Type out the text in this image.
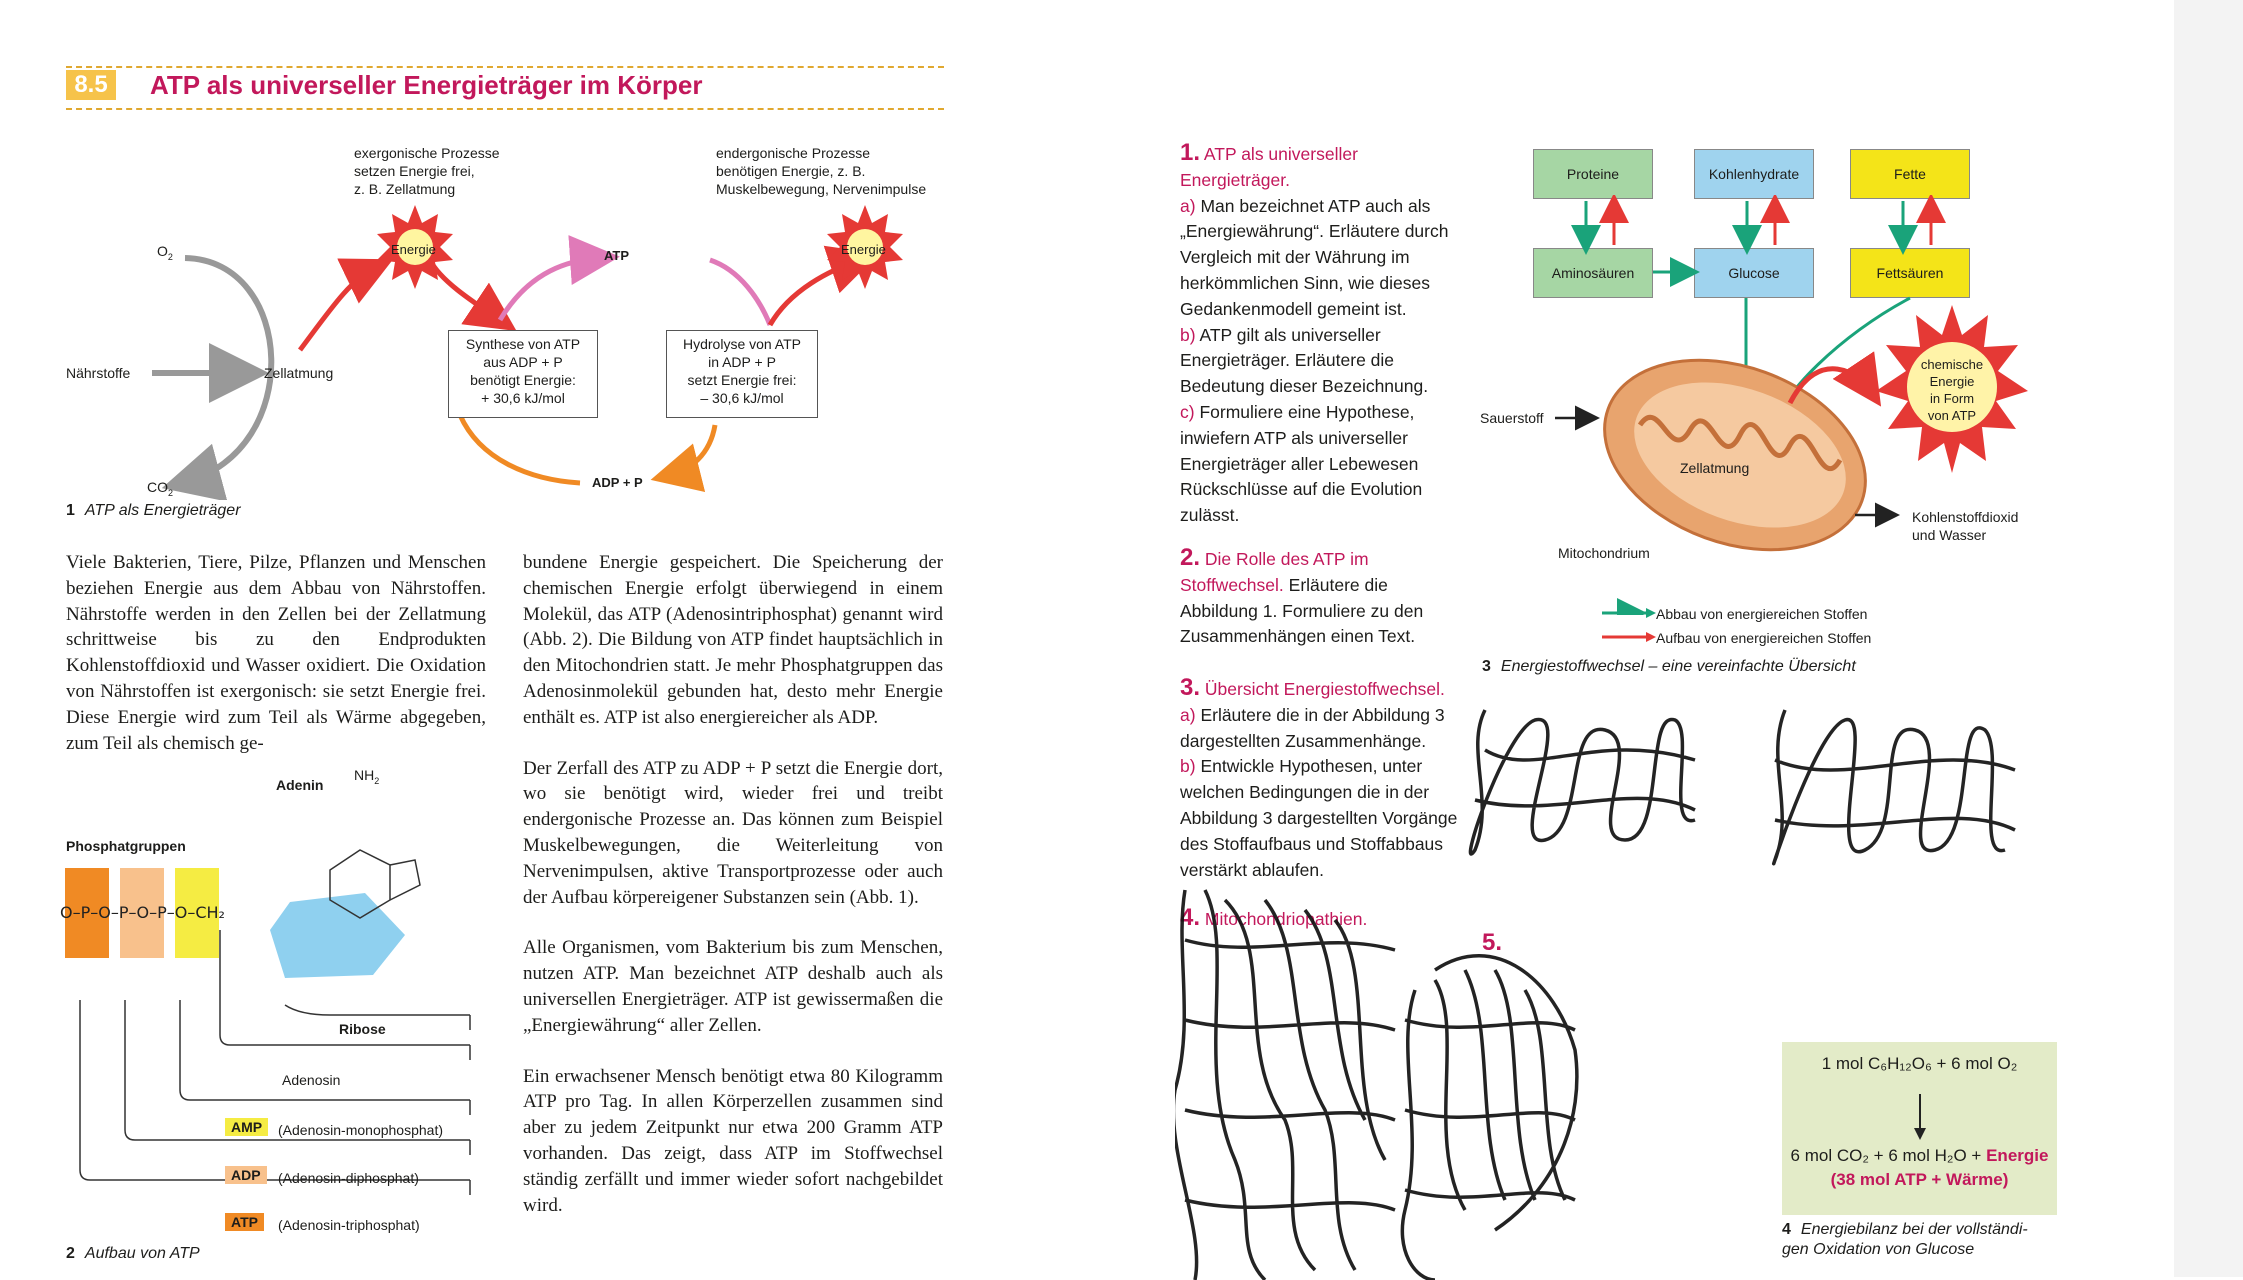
8.5	ATP als universeller Energieträger im Körper
exergonische Prozesse
setzen Energie frei,
z. B. Zellatmung
endergonische Prozesse
benötigen Energie, z. B.
Muskelbewegung, Nervenimpulse
$O_2$
$CO_2$
Nährstoffe	Zellatmung
Energie	Energie
ATP
ADP + P
Synthese von ATP
aus ADP + P
benötigt Energie:
+ 30,6 kJ/mol
Hydrolyse von ATP
in ADP + P
setzt Energie frei:
– 30,6 kJ/mol
1 ATP als Energieträger

Viele Bakterien, Tiere, Pilze, Pflanzen und Menschen beziehen Energie aus dem Abbau von Nährstoffen. Nährstoffe werden in den Zellen bei der Zellatmung schrittweise bis zu den Endprodukten Kohlenstoffdioxid und Wasser oxidiert. Die Oxidation von Nährstoffen ist exergonisch: sie setzt Energie frei. Diese Energie wird zum Teil als Wärme abgegeben, zum Teil als chemisch ge-

bundene Energie gespeichert. Die Speicherung der chemischen Energie erfolgt überwiegend in einem Molekül, das ATP (Adenosintriphosphat) genannt wird (Abb. 2). Die Bildung von ATP findet hauptsächlich in den Mitochondrien statt. Je mehr Phosphatgruppen das Adenosinmolekül gebunden hat, desto mehr Energie enthält es. ATP ist also energiereicher als ADP.

Der Zerfall des ATP zu ADP + P setzt die Energie dort, wo sie benötigt wird, wieder frei und treibt endergonische Prozesse an. Das können zum Beispiel Muskelbewegungen, die Weiterleitung von Nervenimpulsen, aktive Transportprozesse oder auch der Aufbau körpereigener Substanzen sein (Abb. 1).

Alle Organismen, vom Bakterium bis zum Menschen, nutzen ATP. Man bezeichnet ATP deshalb auch als universellen Energieträger. ATP ist gewissermaßen die „Energiewährung“ aller Zellen.

Ein erwachsener Mensch benötigt etwa 80 Kilogramm ATP pro Tag. In allen Körperzellen zusammen sind aber zu jedem Zeitpunkt nur etwa 200 Gramm ATP vorhanden. Das zeigt, dass ATP im Stoffwechsel ständig zerfällt und immer wieder sofort nachgebildet wird.

Adenin
$NH_2$
Phosphatgruppen
O–P–O–P–O–P–O–CH₂
Ribose
Adenosin
AMP	(Adenosin-monophosphat)
ADP	(Adenosin-diphosphat)
ATP	(Adenosin-triphosphat)
2 Aufbau von ATP
1. ATP als universeller Energieträger.
a) Man bezeichnet ATP auch als „Energiewährung“. Erläutere durch Vergleich mit der Währung im herkömmlichen Sinn, wie dieses Gedankenmodell gemeint ist.
b) ATP gilt als universeller Energieträger. Erläutere die Bedeutung dieser Bezeichnung.
c) Formuliere eine Hypothese, inwiefern ATP als universeller Energieträger aller Lebewesen Rückschlüsse auf die Evolution zulässt.
2. Die Rolle des ATP im Stoffwechsel. Erläutere die Abbildung 1. Formuliere zu den Zusammenhängen einen Text.
3. Übersicht Energiestoffwechsel.
a) Erläutere die in der Abbildung 3 dargestellten Zusammenhänge.
b) Entwickle Hypothesen, unter welchen Bedingungen die in der Abbildung 3 dargestellten Vorgänge des Stoffaufbaus und Stoffabbaus verstärkt ablaufen.
4. Mitochondriopathien.
5.
Proteine	Kohlenhydrate	Fette
Aminosäuren	Glucose	Fettsäuren
Sauerstoff
Zellatmung
Mitochondrium
chemische
Energie
in Form
von ATP
Kohlenstoffdioxid
und Wasser
Abbau von energiereichen Stoffen
Aufbau von energiereichen Stoffen
3 Energiestoffwechsel – eine vereinfachte Übersicht
1 mol C₆H₁₂O₆ + 6 mol O₂
6 mol CO₂ + 6 mol H₂O + Energie
(38 mol ATP + Wärme)
4 Energiebilanz bei der vollständi-
gen Oxidation von Glucose
